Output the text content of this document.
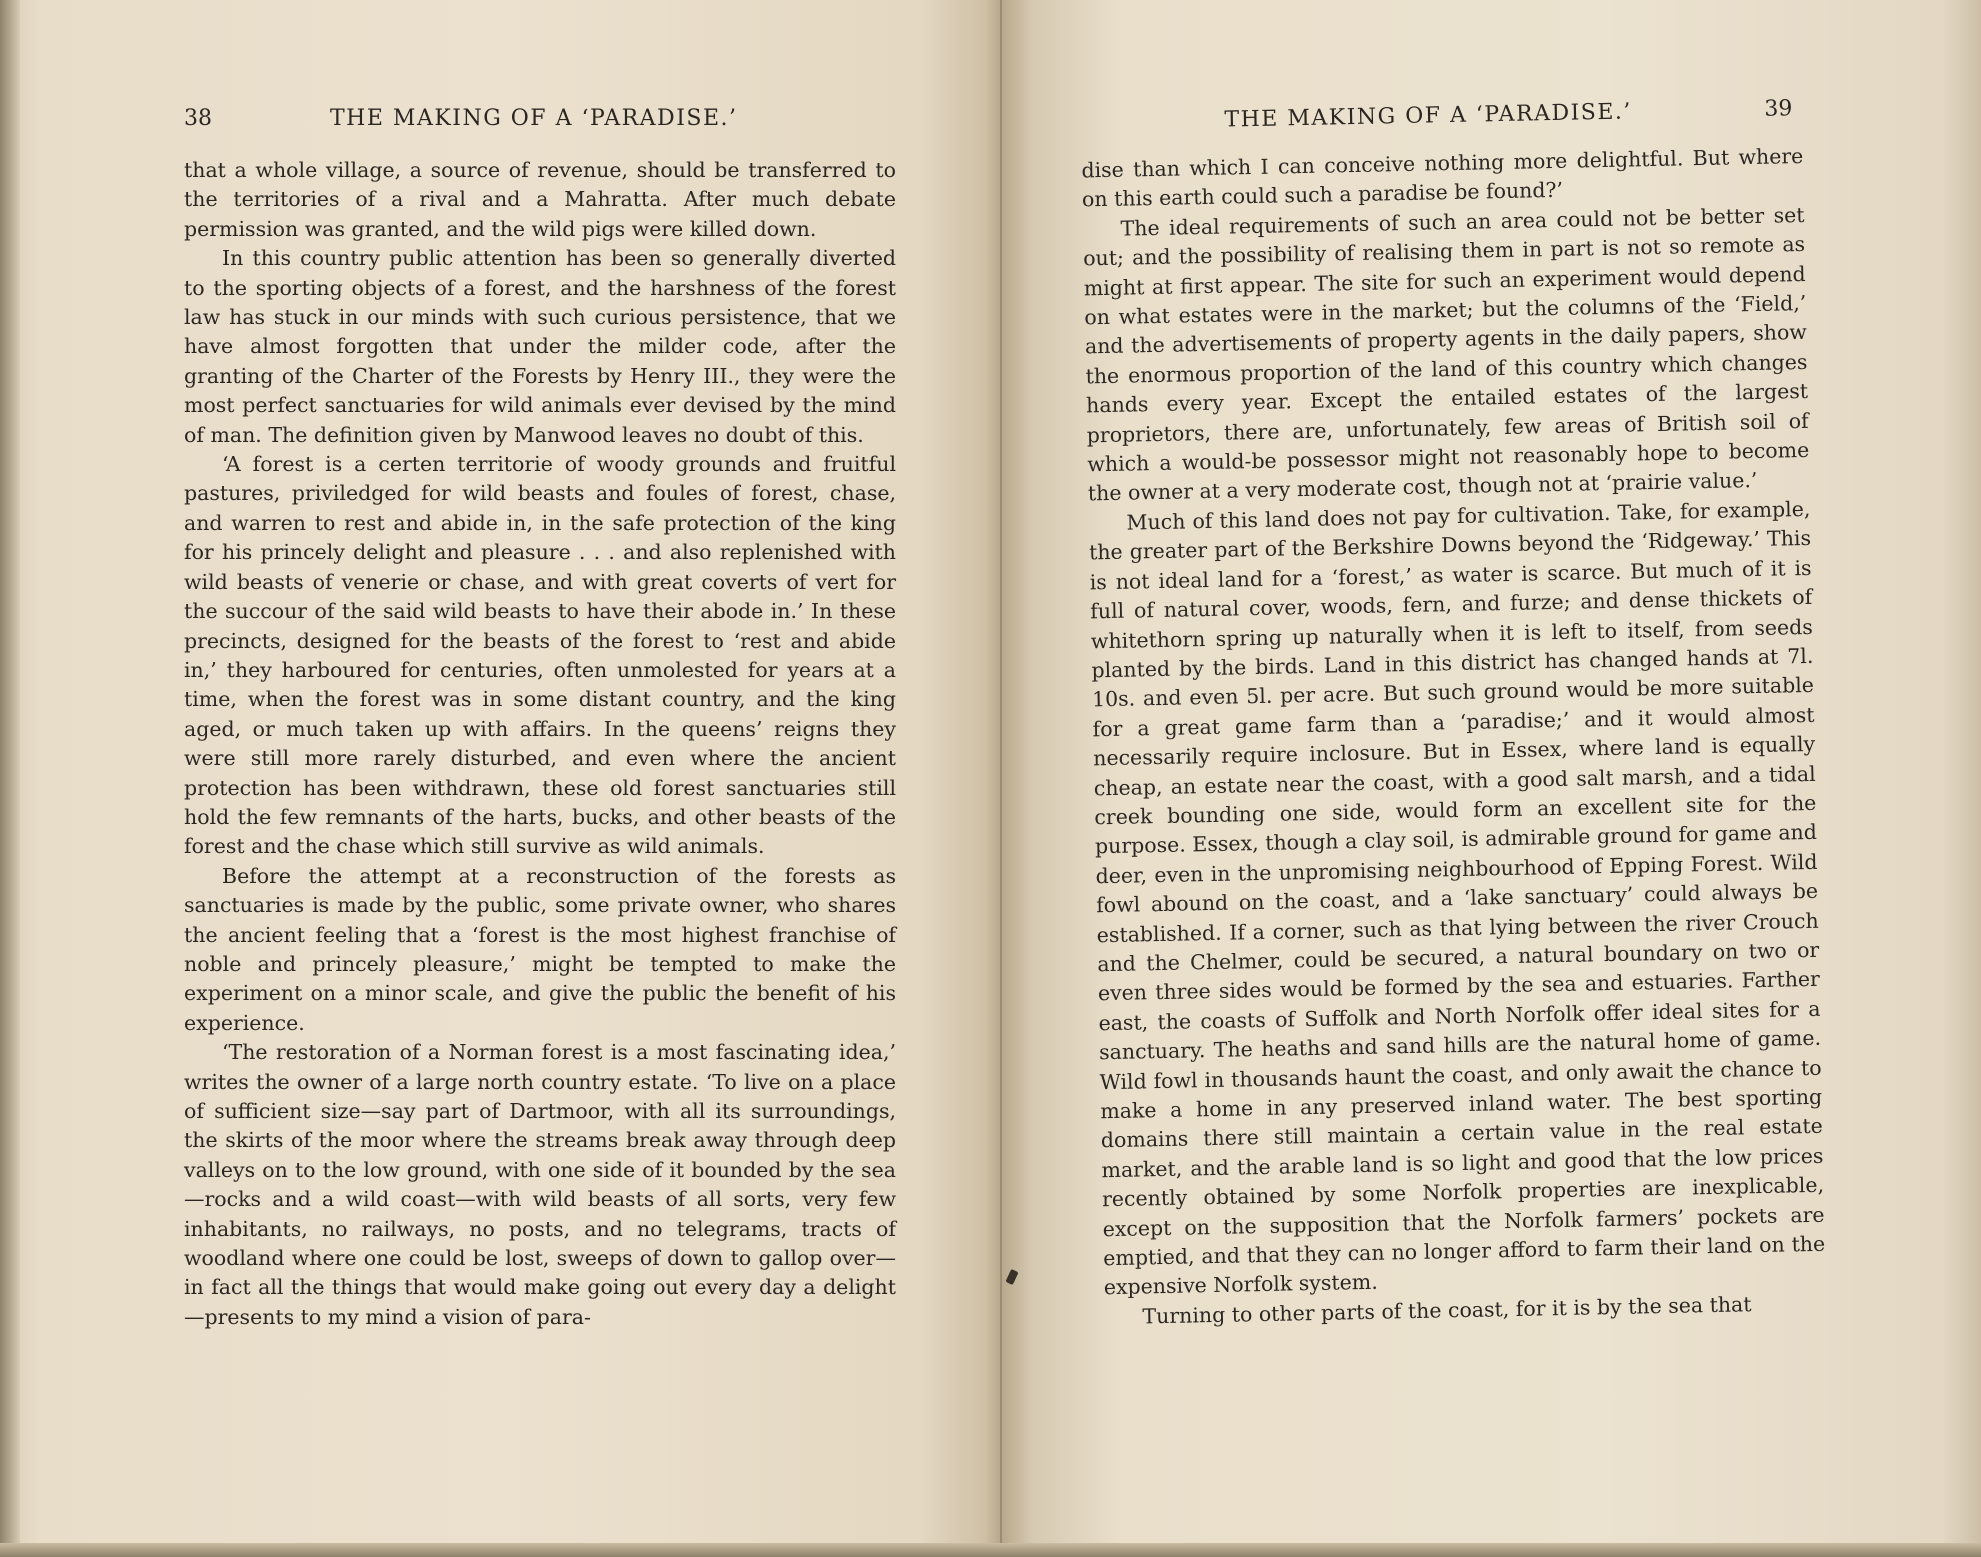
38	THE MAKING OF A ‘PARADISE.’

that a whole village, a source of revenue, should be transferred to the territories of a rival and a Mahratta. After much debate permission was granted, and the wild pigs were killed down.

In this country public attention has been so generally diverted to the sporting objects of a forest, and the harshness of the forest law has stuck in our minds with such curious persistence, that we have almost forgotten that under the milder code, after the granting of the Charter of the Forests by Henry III., they were the most perfect sanctuaries for wild animals ever devised by the mind of man. The definition given by Manwood leaves no doubt of this.

‘A forest is a certen territorie of woody grounds and fruitful pastures, priviledged for wild beasts and foules of forest, chase, and warren to rest and abide in, in the safe protection of the king for his princely delight and pleasure . . . and also replenished with wild beasts of venerie or chase, and with great coverts of vert for the succour of the said wild beasts to have their abode in.’ In these precincts, designed for the beasts of the forest to ‘rest and abide in,’ they harboured for centuries, often unmolested for years at a time, when the forest was in some distant country, and the king aged, or much taken up with affairs. In the queens’ reigns they were still more rarely disturbed, and even where the ancient protection has been withdrawn, these old forest sanctuaries still hold the few remnants of the harts, bucks, and other beasts of the forest and the chase which still survive as wild animals.

Before the attempt at a reconstruction of the forests as sanctuaries is made by the public, some private owner, who shares the ancient feeling that a ‘forest is the most highest franchise of noble and princely pleasure,’ might be tempted to make the experiment on a minor scale, and give the public the benefit of his experience.

‘The restoration of a Norman forest is a most fascinating idea,’ writes the owner of a large north country estate. ‘To live on a place of sufficient size—say part of Dartmoor, with all its surroundings, the skirts of the moor where the streams break away through deep valleys on to the low ground, with one side of it bounded by the sea—rocks and a wild coast—with wild beasts of all sorts, very few inhabitants, no railways, no posts, and no telegrams, tracts of woodland where one could be lost, sweeps of down to gallop over—in fact all the things that would make going out every day a delight—presents to my mind a vision of para-

THE MAKING OF A ‘PARADISE.’	39

dise than which I can conceive nothing more delightful. But where on this earth could such a paradise be found?’

The ideal requirements of such an area could not be better set out; and the possibility of realising them in part is not so remote as might at first appear. The site for such an experiment would depend on what estates were in the market; but the columns of the ‘Field,’ and the advertisements of property agents in the daily papers, show the enormous proportion of the land of this country which changes hands every year. Except the entailed estates of the largest proprietors, there are, unfortunately, few areas of British soil of which a would-be possessor might not reasonably hope to become the owner at a very moderate cost, though not at ‘prairie value.’

Much of this land does not pay for cultivation. Take, for example, the greater part of the Berkshire Downs beyond the ‘Ridgeway.’ This is not ideal land for a ‘forest,’ as water is scarce. But much of it is full of natural cover, woods, fern, and furze; and dense thickets of whitethorn spring up naturally when it is left to itself, from seeds planted by the birds. Land in this district has changed hands at 7l. 10s. and even 5l. per acre. But such ground would be more suitable for a great game farm than a ‘paradise;’ and it would almost necessarily require inclosure. But in Essex, where land is equally cheap, an estate near the coast, with a good salt marsh, and a tidal creek bounding one side, would form an excellent site for the purpose. Essex, though a clay soil, is admirable ground for game and deer, even in the unpromising neighbourhood of Epping Forest. Wild fowl abound on the coast, and a ‘lake sanctuary’ could always be established. If a corner, such as that lying between the river Crouch and the Chelmer, could be secured, a natural boundary on two or even three sides would be formed by the sea and estuaries. Farther east, the coasts of Suffolk and North Norfolk offer ideal sites for a sanctuary. The heaths and sand hills are the natural home of game. Wild fowl in thousands haunt the coast, and only await the chance to make a home in any preserved inland water. The best sporting domains there still maintain a certain value in the real estate market, and the arable land is so light and good that the low prices recently obtained by some Norfolk properties are inexplicable, except on the supposition that the Norfolk farmers’ pockets are emptied, and that they can no longer afford to farm their land on the expensive Norfolk system.

Turning to other parts of the coast, for it is by the sea that
